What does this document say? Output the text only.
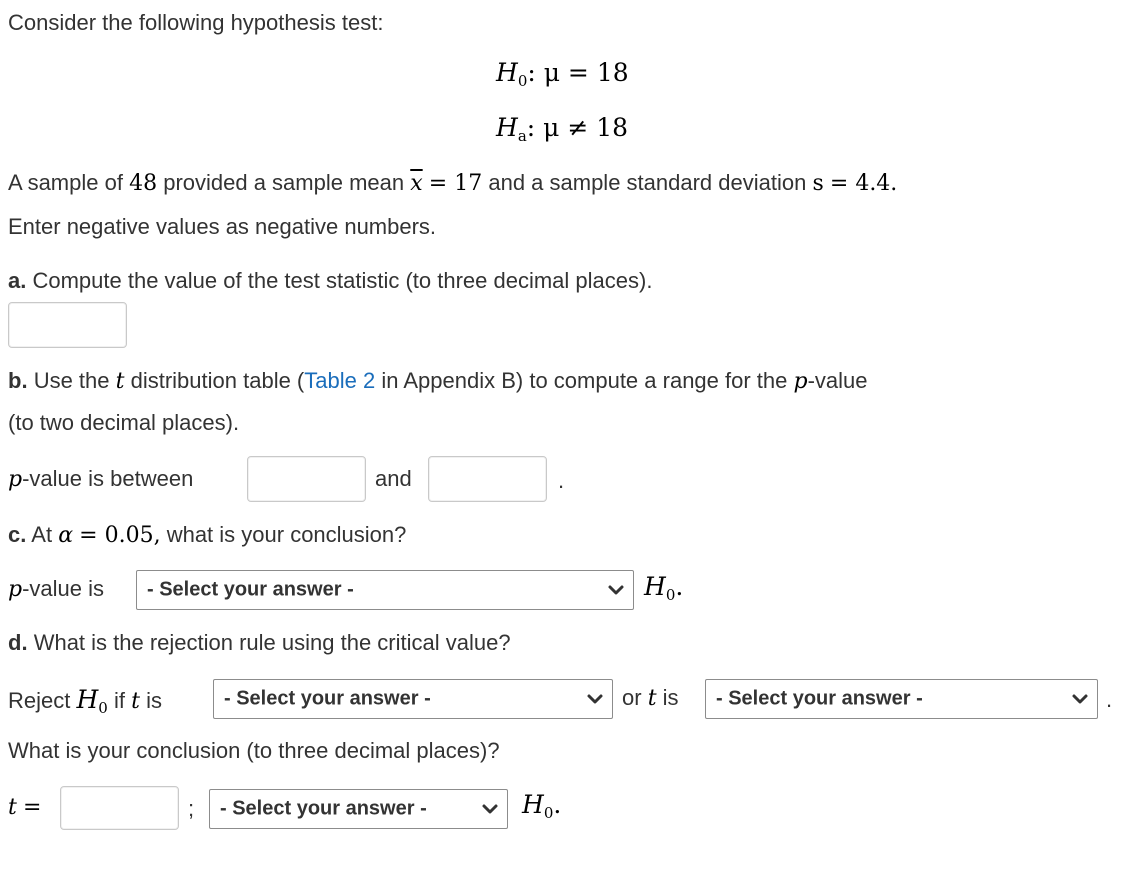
Consider the following hypothesis test:
$H_0$: μ = 18
$H_a$: μ ≠ 18
A sample of 48 provided a sample mean $\overline{x} = 17$ and a sample standard deviation s = 4.4.
Enter negative values as negative numbers.
a. Compute the value of the test statistic (to three decimal places).
b. Use the t distribution table (Table 2 in Appendix B) to compute a range for the p-value
(to two decimal places).
p-value is between	and	.
c. At α = 0.05, what is your conclusion?
p-value is - Select your answer -	$H_0$.
d. What is the rejection rule using the critical value?
Reject $H_0$ if t is	- Select your answer -	or t is - Select your answer -	.
What is your conclusion (to three decimal places)?
t =	; - Select your answer -	$H_0$.
